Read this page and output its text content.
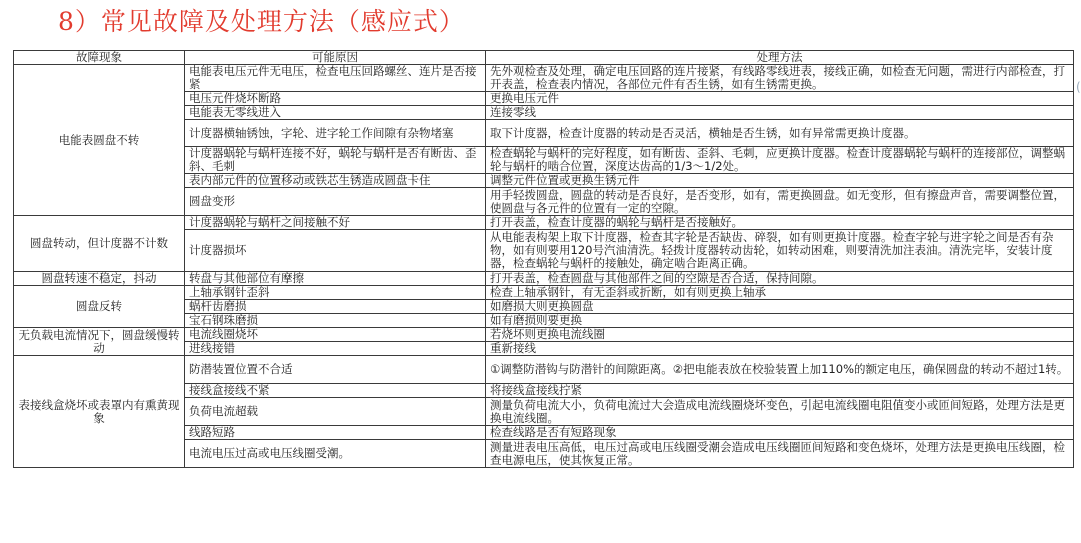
8）常见故障及处理方法（感应式）
(
故障现象	可能原因	处理方法
电能表圆盘不转	电能表电压元件无电压，检查电压回路螺丝、连片是否接紧	先外观检查及处理，确定电压回路的连片接紧，有线路零线进表，接线正确，如检查无问题，需进行内部检查，打开表盖，检查表内情况，各部位元件有否生锈，如有生锈需更换。
	电压元件烧坏断路	更换电压元件
	电能表无零线进入	连接零线
	计度器横轴锈蚀，字轮、进字轮工作间隙有杂物堵塞	取下计度器，检查计度器的转动是否灵活，横轴是否生锈，如有异常需更换计度器。
	计度器蜗轮与蜗杆连接不好，蜗轮与蜗杆是否有断齿、歪斜、毛刺	检查蜗轮与蜗杆的完好程度，如有断齿、歪斜、毛刺，应更换计度器。检查计度器蜗轮与蜗杆的连接部位，调整蜗轮与蜗杆的啮合位置，深度达齿高的1/3～1/2处。
	表内部元件的位置移动或铁芯生锈造成圆盘卡住	调整元件位置或更换生锈元件
	圆盘变形	用手轻拨圆盘，圆盘的转动是否良好，是否变形，如有，需更换圆盘。如无变形，但有擦盘声音，需要调整位置，使圆盘与各元件的位置有一定的空隙。
圆盘转动，但计度器不计数	计度器蜗轮与蜗杆之间接触不好	打开表盖，检查计度器的蜗轮与蜗杆是否接触好。
	计度器损坏	从电能表构架上取下计度器，检查其字轮是否缺齿、碎裂，如有则更换计度器。检查字轮与进字轮之间是否有杂物，如有则要用120号汽油清洗。轻拨计度器转动齿轮，如转动困难，则要清洗加注表油。清洗完毕，安装计度器，检查蜗轮与蜗杆的接触处，确定啮合距离正确。
圆盘转速不稳定，抖动	转盘与其他部位有摩擦	打开表盖，检查圆盘与其他部件之间的空隙是否合适，保持间隙。
圆盘反转	上轴承钢针歪斜	检查上轴承钢针，有无歪斜或折断，如有则更换上轴承
	蜗杆齿磨损	如磨损大则更换圆盘
	宝石钢珠磨损	如有磨损则要更换
无负载电流情况下，圆盘缓慢转动	电流线圈烧坏	若烧坏则更换电流线圈
	进线接错	重新接线
表接线盒烧坏或表罩内有熏黄现象	防潜装置位置不合适	①调整防潜钩与防潜针的间隙距离。②把电能表放在校验装置上加110%的额定电压，确保圆盘的转动不超过1转。
	接线盒接线不紧	将接线盒接线拧紧
	负荷电流超载	测量负荷电流大小，负荷电流过大会造成电流线圈烧坏变色，引起电流线圈电阻值变小或匝间短路，处理方法是更换电流线圈。
	线路短路	检查线路是否有短路现象
	电流电压过高或电压线圈受潮。	测量进表电压高低，电压过高或电压线圈受潮会造成电压线圈匝间短路和变色烧坏，处理方法是更换电压线圈，检查电源电压，使其恢复正常。
